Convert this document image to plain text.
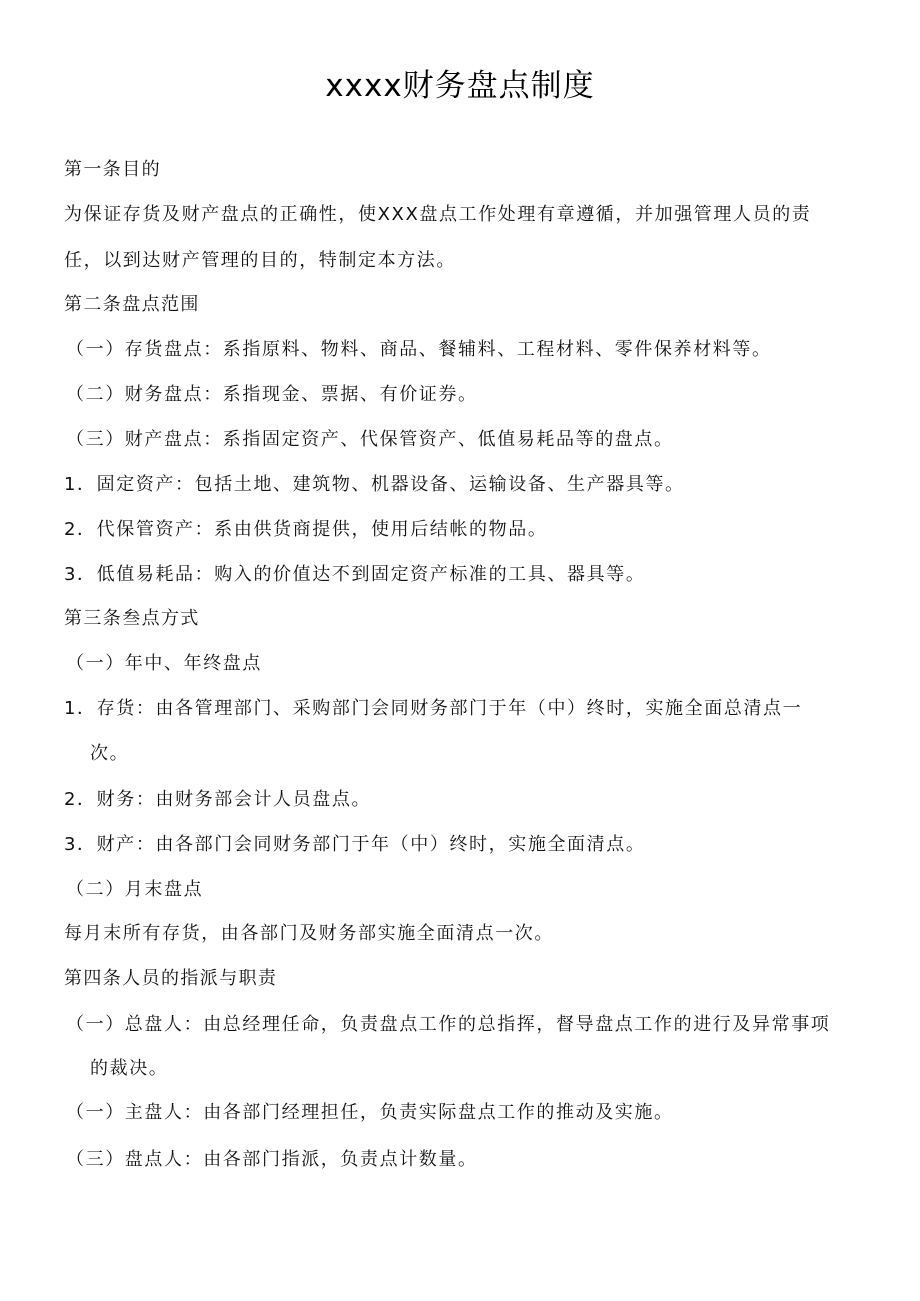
xxxx财务盘点制度
第一条目的
为保证存货及财产盘点的正确性，使XXX盘点工作处理有章遵循，并加强管理人员的责
任，以到达财产管理的目的，特制定本方法。
第二条盘点范围
（一）存货盘点：系指原料、物料、商品、餐辅料、工程材料、零件保养材料等。
（二）财务盘点：系指现金、票据、有价证券。
（三）财产盘点：系指固定资产、代保管资产、低值易耗品等的盘点。
1．固定资产：包括土地、建筑物、机器设备、运输设备、生产器具等。
2．代保管资产：系由供货商提供，使用后结帐的物品。
3．低值易耗品：购入的价值达不到固定资产标准的工具、器具等。
第三条叁点方式
（一）年中、年终盘点
1．存货：由各管理部门、采购部门会同财务部门于年（中）终时，实施全面总清点一
次。
2．财务：由财务部会计人员盘点。
3．财产：由各部门会同财务部门于年（中）终时，实施全面清点。
（二）月末盘点
每月末所有存货，由各部门及财务部实施全面清点一次。
第四条人员的指派与职责
（一）总盘人：由总经理任命，负责盘点工作的总指挥，督导盘点工作的进行及异常事项
的裁决。
（一）主盘人：由各部门经理担任，负责实际盘点工作的推动及实施。
（三）盘点人：由各部门指派，负责点计数量。
